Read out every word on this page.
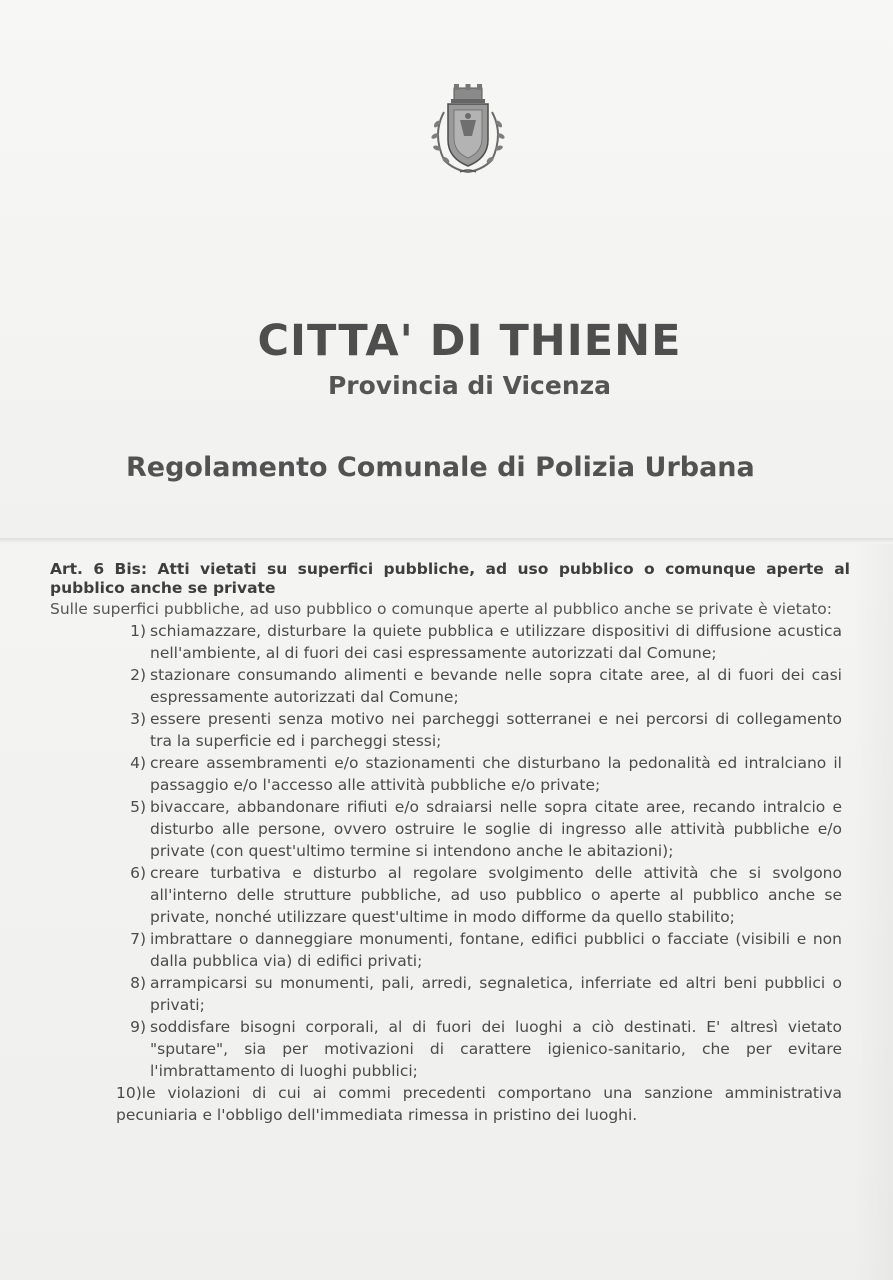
CITTA' DI THIENE
Provincia di Vicenza
Regolamento Comunale di Polizia Urbana
Art. 6 Bis: Atti vietati su superfici pubbliche, ad uso pubblico o comunque aperte al pubblico anche se private
Sulle superfici pubbliche, ad uso pubblico o comunque aperte al pubblico anche se privatе è vietato:
1) schiamazzare, disturbare la quiete pubblica e utilizzare dispositivi di diffusione acustica nell'ambiente, al di fuori dei casi espressamente autorizzati dal Comune;
2) stazionare consumando alimenti e bevande nelle sopra citate aree, al di fuori dei casi espressamente autorizzati dal Comune;
3) essere presenti senza motivo nei parcheggi sotterranei e nei percorsi di collegamento tra la superficie ed i parcheggi stessi;
4) creare assembramenti e/o stazionamenti che disturbano la pedonalità ed intralciano il passaggio e/o l'accesso alle attività pubbliche e/o private;
5) bivaccare, abbandonare rifiuti e/o sdraiarsi nelle sopra citate aree, recando intralcio e disturbo alle persone, ovvero ostruire le soglie di ingresso alle attività pubbliche e/o private (con quest'ultimo termine si intendono anche le abitazioni);
6) creare turbativa e disturbo al regolare svolgimento delle attività che si svolgono all'interno delle strutture pubbliche, ad uso pubblico o aperte al pubblico anche se private, nonché utilizzare quest'ultime in modo difforme da quello stabilito;
7) imbrattare o danneggiare monumenti, fontane, edifici pubblici o facciate (visibili e non dalla pubblica via) di edifici privati;
8) arrampicarsi su monumenti, pali, arredi, segnaletica, inferriate ed altri beni pubblici o privati;
9) soddisfare bisogni corporali, al di fuori dei luoghi a ciò destinati. E' altresì vietato "sputare", sia per motivazioni di carattere igienico-sanitario, che per evitare l'imbrattamento di luoghi pubblici;
10)le violazioni di cui ai commi precedenti comportano una sanzione amministrativa pecuniaria e l'obbligo dell'immediata rimessa in pristino dei luoghi.
